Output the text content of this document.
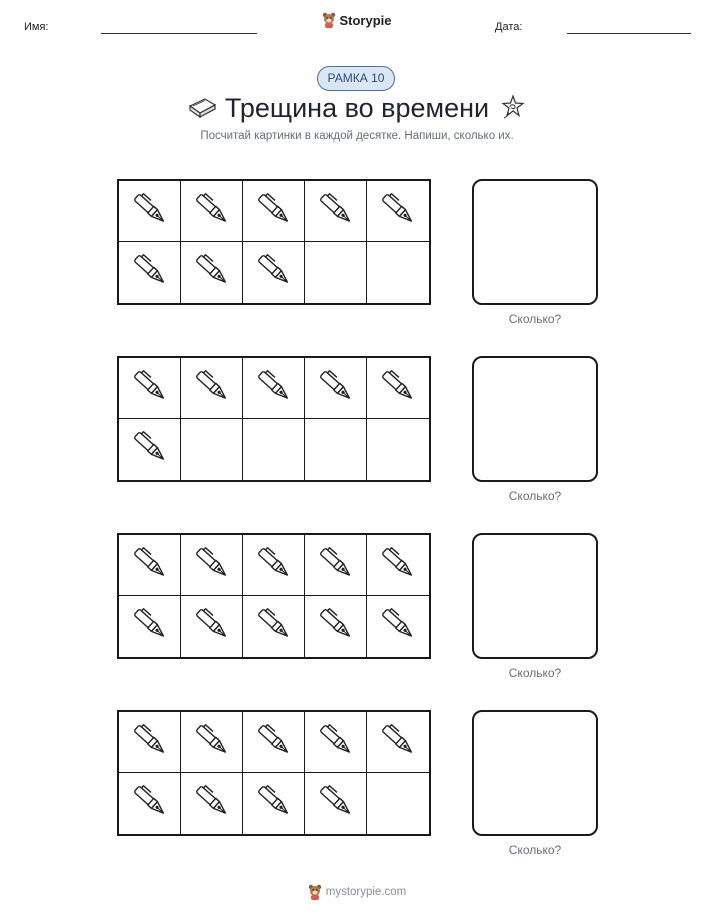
Имя:	Дата:
Storypie
РАМКА 10
Трещина во времени
Посчитай картинки в каждой десятке. Напиши, сколько их.
Сколько?
Сколько?
Сколько?
Сколько?
mystorypie.com
